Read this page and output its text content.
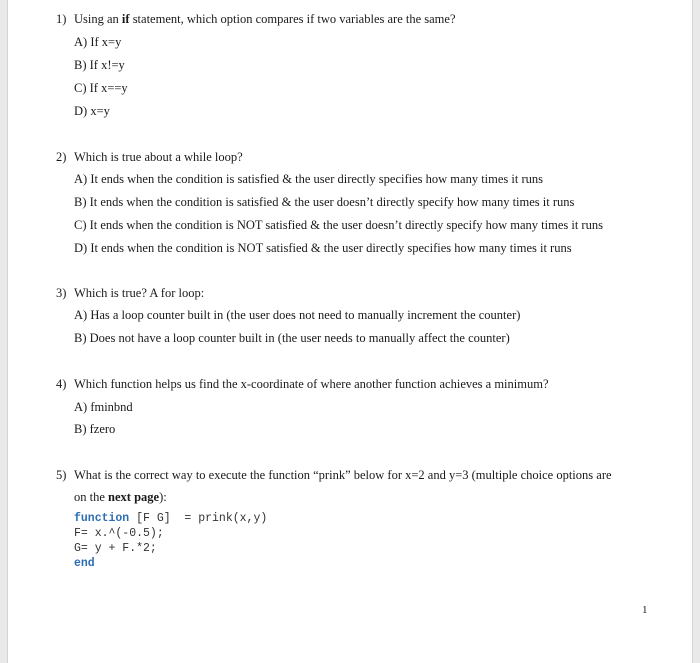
1) Using an if statement, which option compares if two variables are the same?
A) If x=y
B) If x!=y
C) If x==y
D) x=y
2) Which is true about a while loop?
A) It ends when the condition is satisfied & the user directly specifies how many times it runs
B) It ends when the condition is satisfied & the user doesn’t directly specify how many times it runs
C) It ends when the condition is NOT satisfied & the user doesn’t directly specify how many times it runs
D) It ends when the condition is NOT satisfied & the user directly specifies how many times it runs
3) Which is true? A for loop:
A) Has a loop counter built in (the user does not need to manually increment the counter)
B) Does not have a loop counter built in (the user needs to manually affect the counter)
4) Which function helps us find the x-coordinate of where another function achieves a minimum?
A) fminbnd
B) fzero
5) What is the correct way to execute the function “prink” below for x=2 and y=3 (multiple choice options are
on the next page):
function [F G]  = prink(x,y)
F= x.^(-0.5);
G= y + F.*2;
end
1
